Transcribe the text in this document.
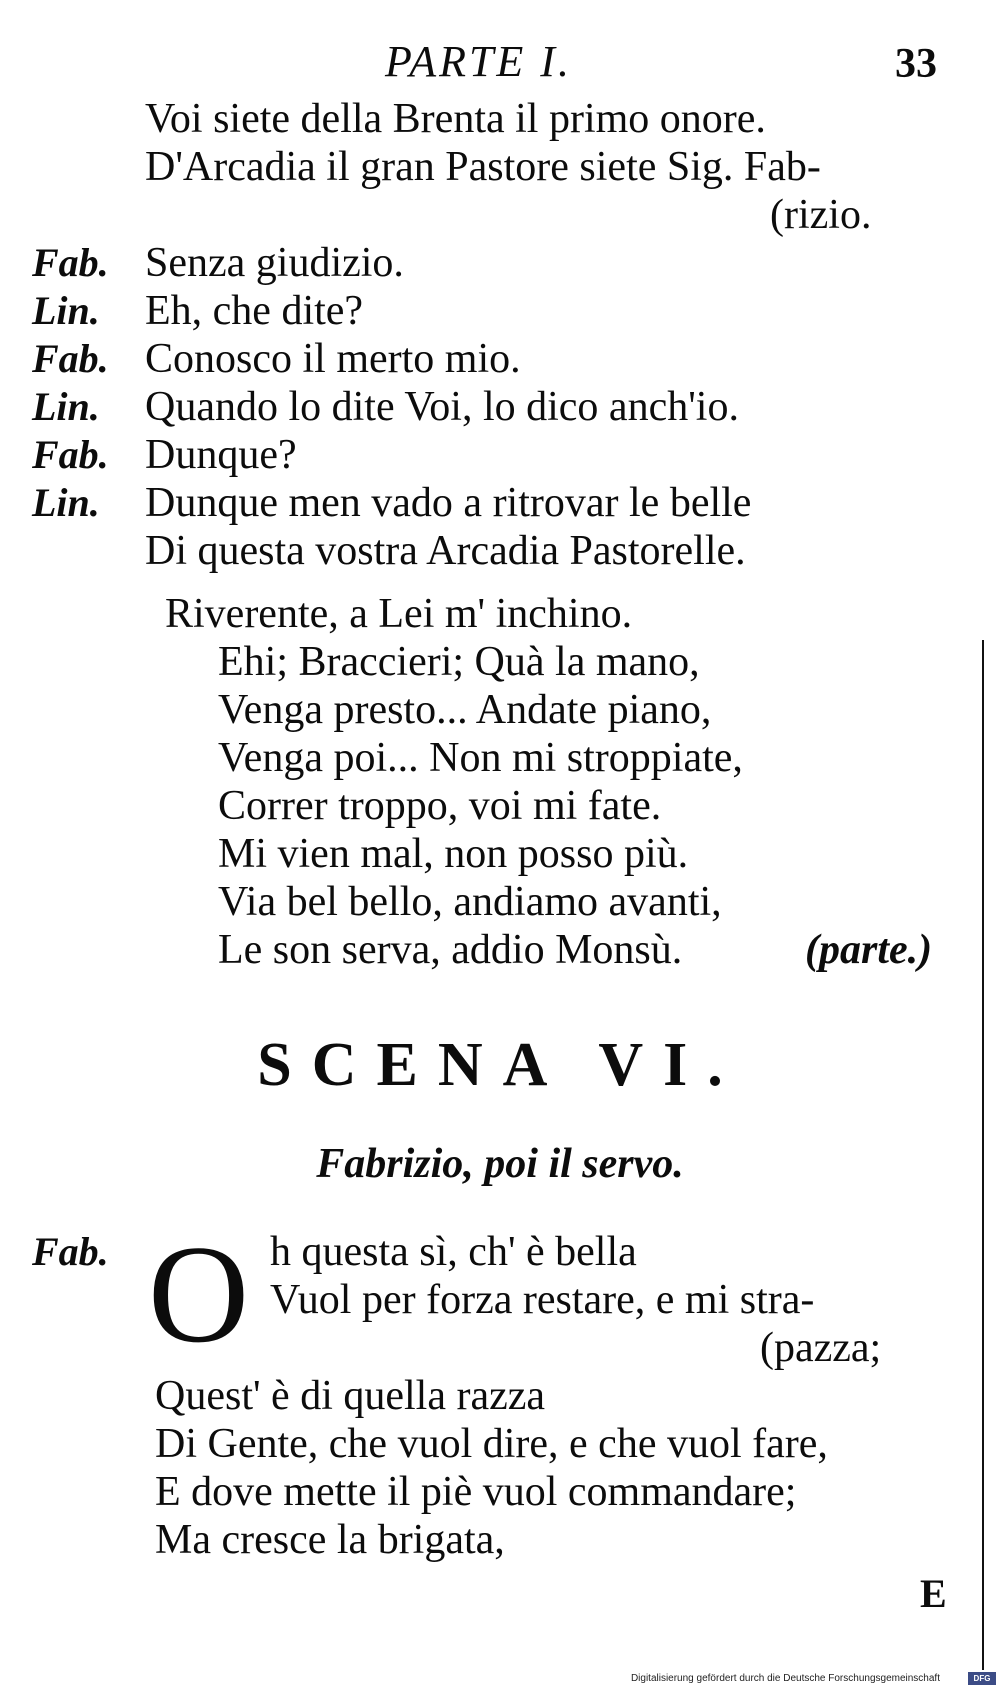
PARTE I.	33
Voi siete della Brenta il primo onore.
D'Arcadia il gran Pastore siete Sig. Fab-
(rizio.
Fab. Senza giudizio.
Lin. Eh, che dite?
Fab. Conosco il merto mio.
Lin. Quando lo dite Voi, lo dico anch'io.
Fab. Dunque?
Lin. Dunque men vado a ritrovar le belle
Di questa vostra Arcadia Pastorelle.
Riverente, a Lei m' inchino.
Ehi; Braccieri; Quà la mano,
Venga presto... Andate piano,
Venga poi... Non mi stroppiate,
Correr troppo, voi mi fate.
Mi vien mal, non posso più.
Via bel bello, andiamo avanti,
Le son serva, addio Monsù.	(parte.)
SCENA VI.
Fabrizio, poi il servo.
Fab. O h questa sì, ch' è bella
Vuol per forza restare, e mi stra-
(pazza;
Quest' è di quella razza
Di Gente, che vuol dire, e che vuol fare,
E dove mette il piè vuol commandare;
Ma cresce la brigata,
E
Digitalisierung gefördert durch die Deutsche Forschungsgemeinschaft	DFG
